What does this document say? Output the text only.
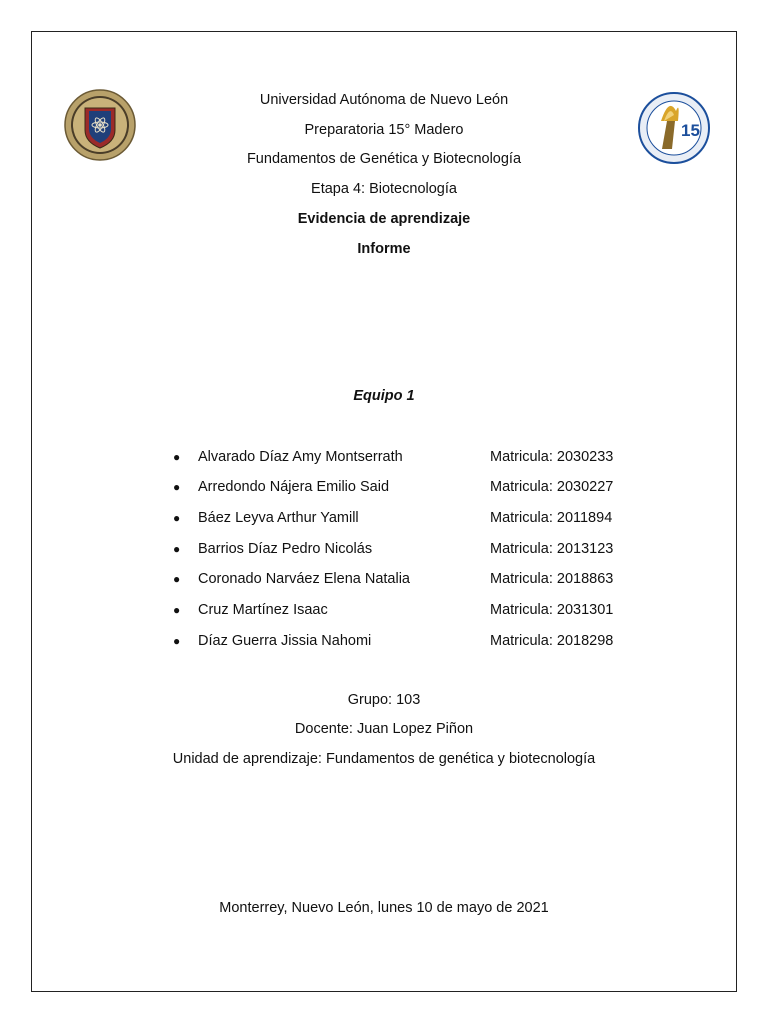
15
Universidad Autónoma de Nuevo León
Preparatoria 15° Madero
Fundamentos de Genética y Biotecnología
Etapa 4: Biotecnología
Evidencia de aprendizaje
Informe
Equipo 1
● Alvarado Díaz Amy Montserrath	Matricula: 2030233
● Arredondo Nájera Emilio Said	Matricula: 2030227
● Báez Leyva Arthur Yamill	Matricula: 2011894
● Barrios Díaz Pedro Nicolás	Matricula: 2013123
● Coronado Narváez Elena Natalia	Matricula: 2018863
● Cruz Martínez Isaac	Matricula: 2031301
● Díaz Guerra Jissia Nahomi	Matricula: 2018298
Grupo: 103
Docente: Juan Lopez Piñon
Unidad de aprendizaje: Fundamentos de genética y biotecnología
Monterrey, Nuevo León, lunes 10 de mayo de 2021
